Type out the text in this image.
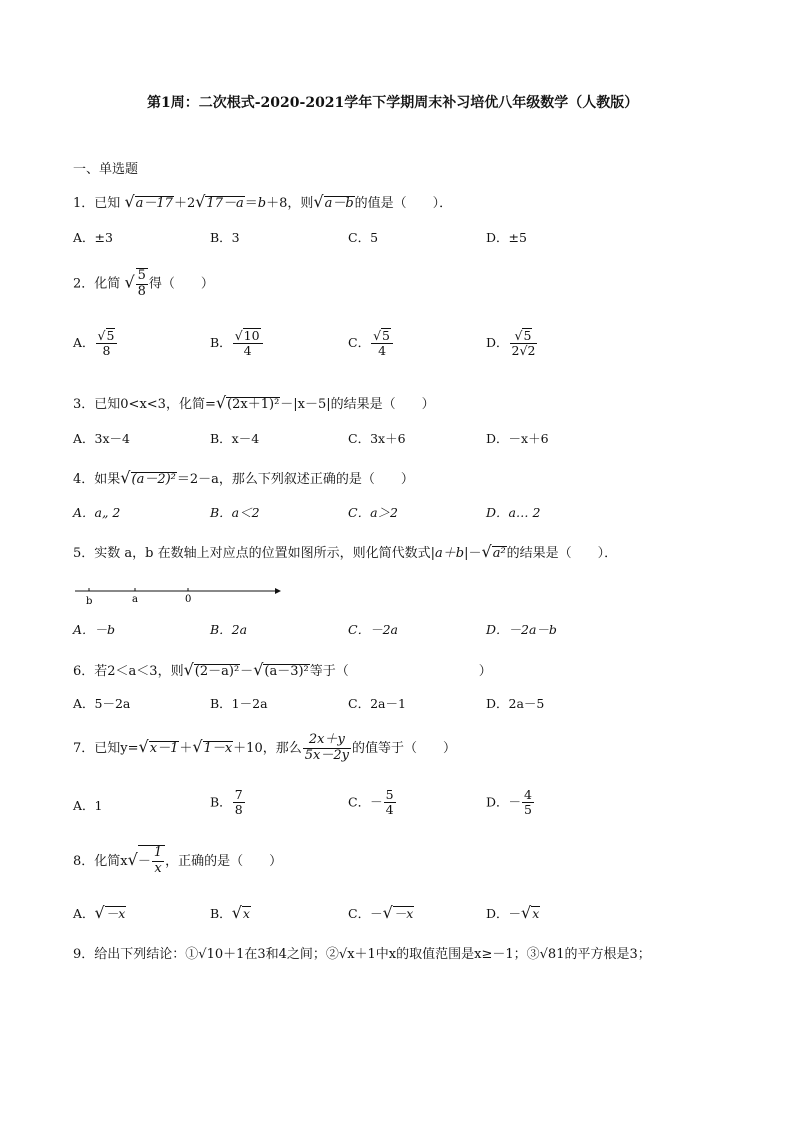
第1周：二次根式-2020-2021学年下学期周末补习培优八年级数学（人教版）
一、单选题
1．已知 √a－17＋2√17－a＝b＋8，则√a－b的值是（　　）．
A．±3	B．3	C．5	D．±5
2．化简 √ $\frac{5}{8}$ 得（　　）
A． $\frac{√5}{8}$	B． $\frac{√10}{4}$	C． $\frac{√5}{4}$	D． $\frac{√5}{2√2}$
3．已知0<x<3，化简=√(2x＋1)²－|x－5|的结果是（　　）
A．3x－4	B．x－4	C．3x＋6	D．－x＋6
4．如果√(a－2)²＝2－a，那么下列叙述正确的是（　　）
A．a„ 2	B．a＜2	C．a＞2	D．a… 2
5．实数 a，b 在数轴上对应点的位置如图所示，则化简代数式|a＋b|－√a²的结果是（　　）．
b	a	0
A．－b	B．2a	C．－2a	D．－2a－b
6．若2＜a＜3，则√(2－a)²－√(a－3)²等于（　　　　　　　　　　）
A．5－2a	B．1－2a	C．2a－1	D．2a－5
7．已知y=√x－1＋√1－x＋10，那么 $\frac{2x+y}{5x-2y}$ 的值等于（　　）
A．1	B． $\frac{7}{8}$	C．－ $\frac{5}{4}$	D．－ $\frac{4}{5}$
8．化简$x√- \frac{1}{x}$ ，正确的是（　　）
A．√－x	B．√x	C．－√－x	D．－√x
9．给出下列结论：①√10＋1在3和4之间；②√x＋1中x的取值范围是x≥－1；③√81的平方根是3；
